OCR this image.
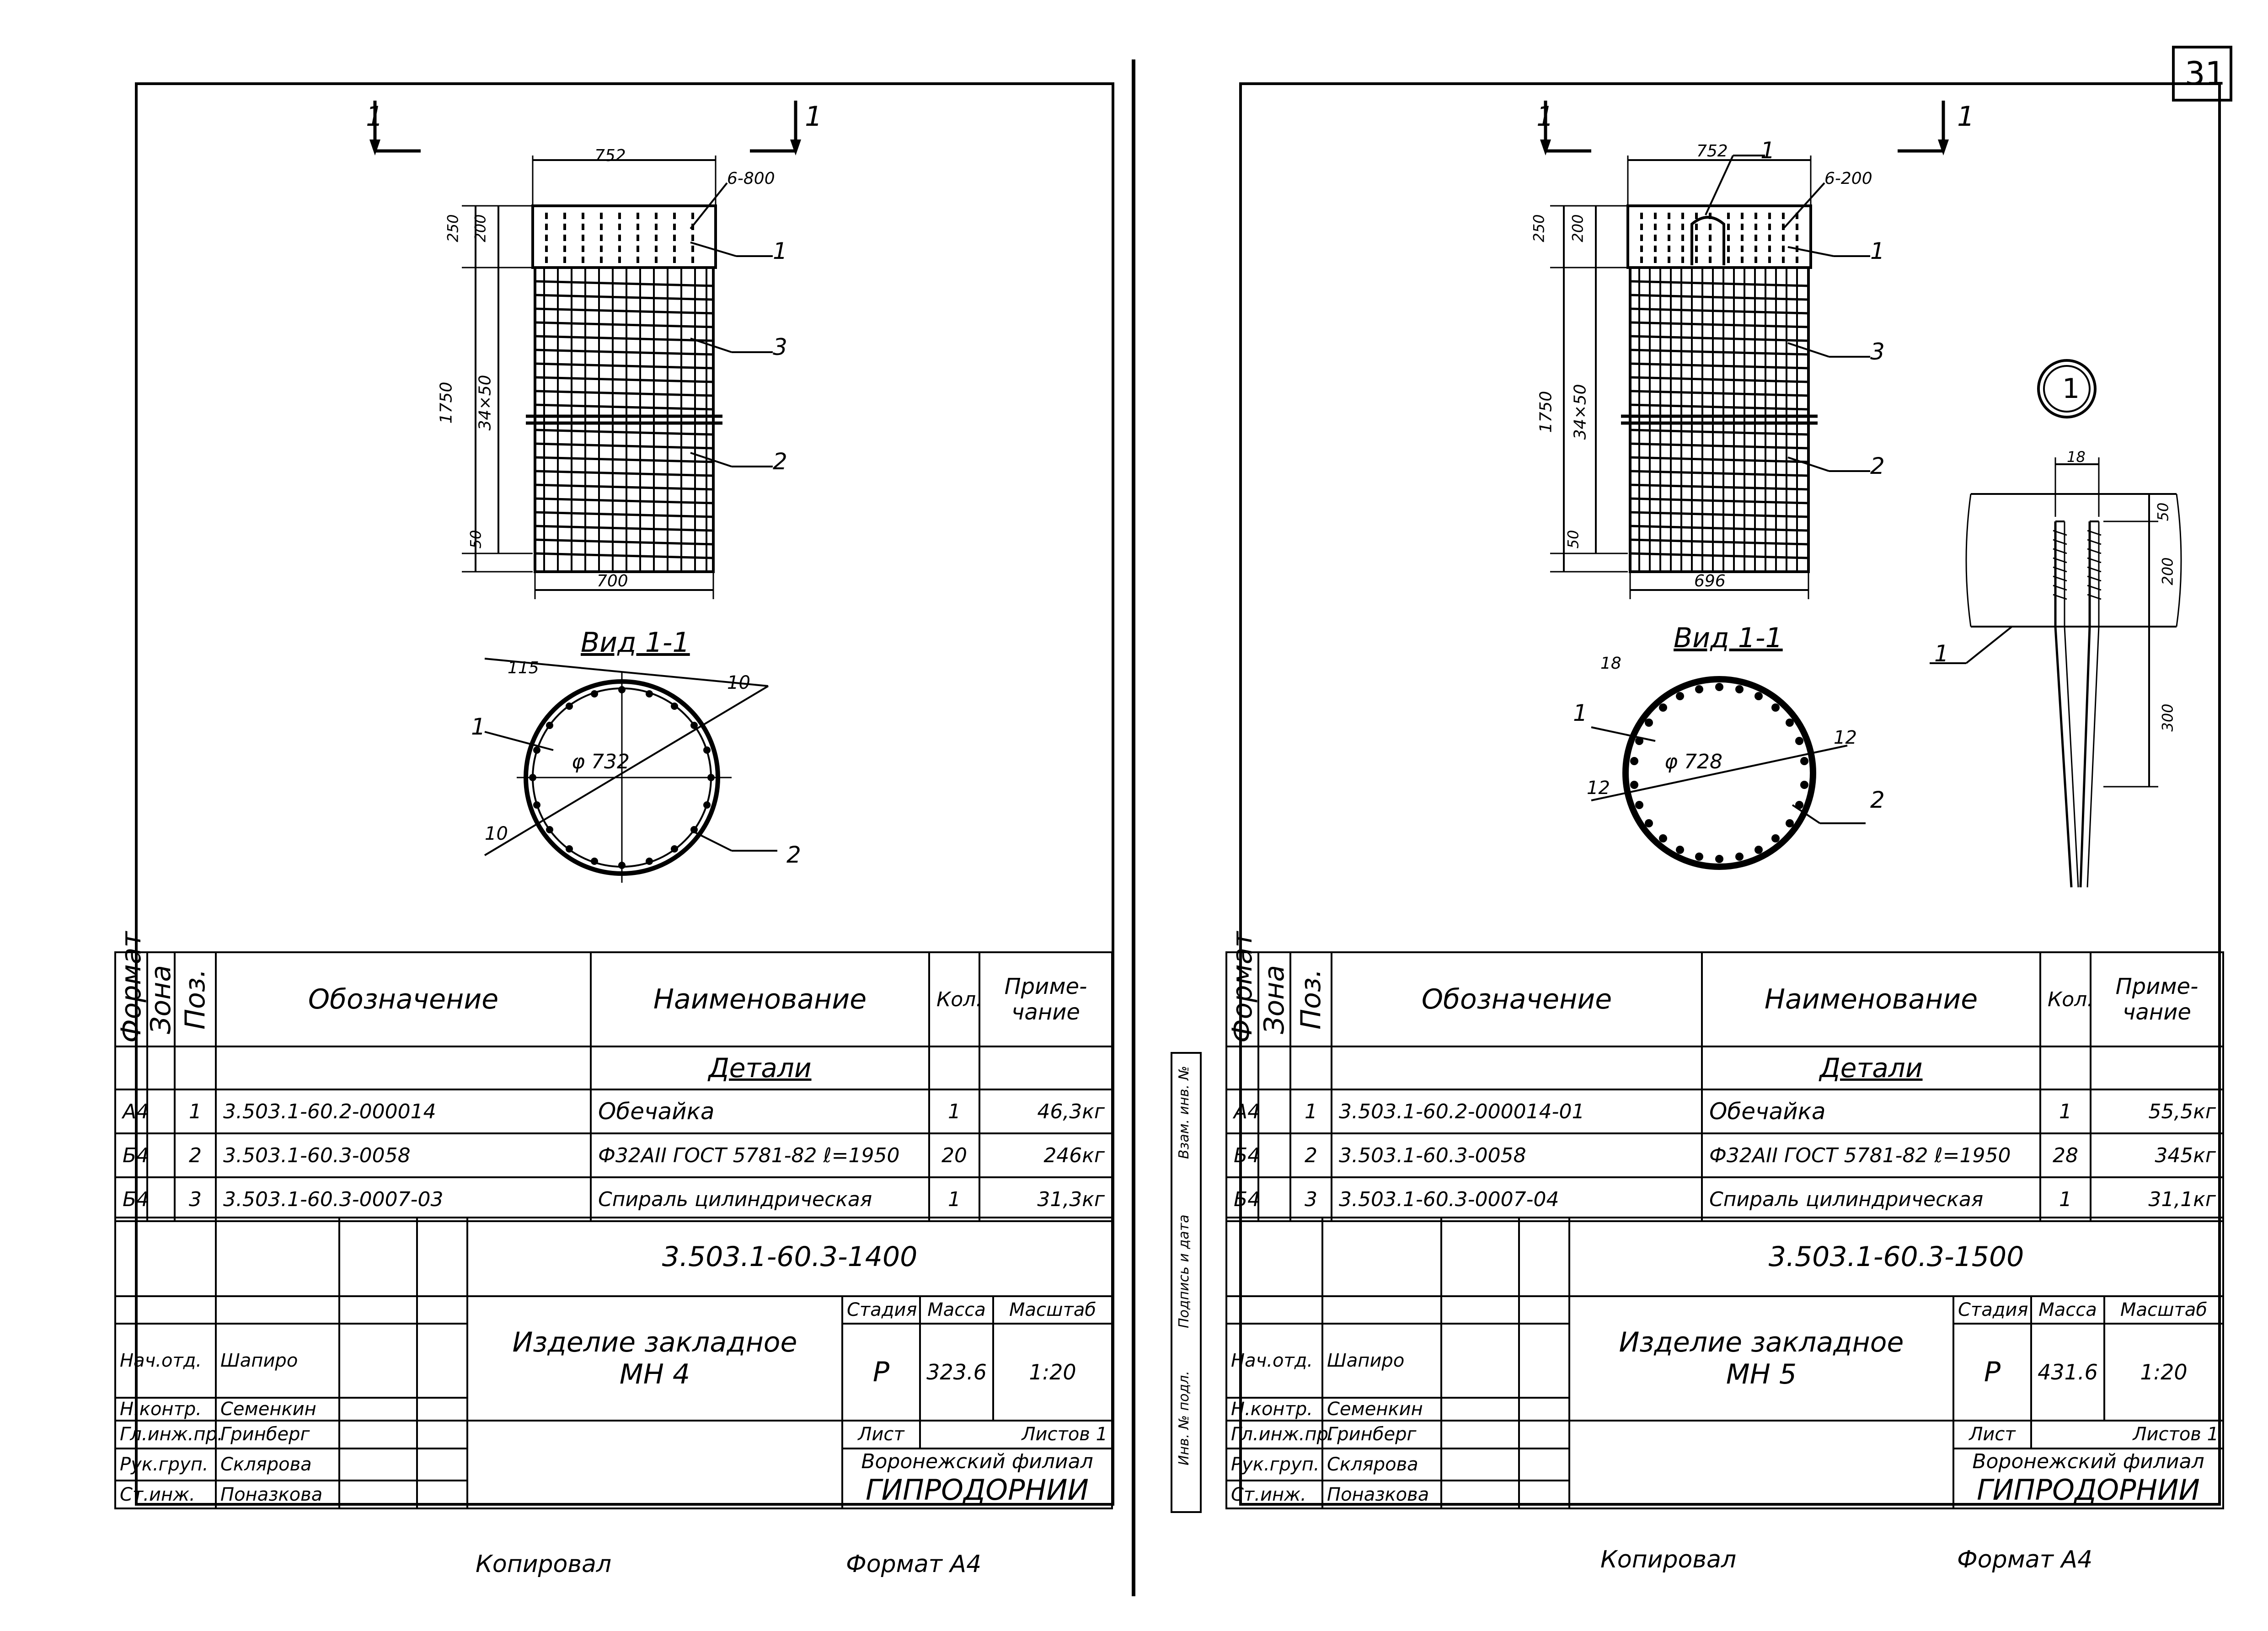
31
1	1
752
700
6-800
250 200
1750 34×50
50
1
3
2
Вид 1-1
115
φ 732
1
2
10
10
Формат	Зона	Поз.	Обозначение	Наименование	Кол.	Приме- чание
				Детали		
А4		1	3.503.1-60.2-000014	Обечайка	1	46,3кг
Б4		2	3.503.1-60.3-0058	Ф32АII ГОСТ 5781-82 ℓ=1950	20	246кг
Б4		3	3.503.1-60.3-0007-03	Спираль цилиндрическая	1	31,3кг
				3.503.1-60.3-1400			

				Изделие закладное
МН 4	Стадия	Масса	Масштаб
Нач.отд.	Шапиро				Р	323.6	1:20
Н.контр.	Семенкин						
Гл.инж.пр.	Гринберг				Лист	Листов 1	
Рук.груп.	Склярова				Воронежский филиал
ГИПРОДОРНИИ		

Ст.инж.	Поназкова						
Копировал	Формат А4
1	1
752
696
6-200
1
1
3
2
250 200
1750 34×50
50
Вид 1-1
18
φ 728
1
2
12
12
1
18
50
200
300
1
Инв. № подл.
Подпись и дата
Взам. инв. №
Формат	Зона	Поз.	Обозначение	Наименование	Кол.	Приме- чание
				Детали		
А4		1	3.503.1-60.2-000014-01	Обечайка	1	55,5кг
Б4		2	3.503.1-60.3-0058	Ф32АII ГОСТ 5781-82 ℓ=1950	28	345кг
Б4		3	3.503.1-60.3-0007-04	Спираль цилиндрическая	1	31,1кг
				3.503.1-60.3-1500			

				Изделие закладное
МН 5	Стадия	Масса	Масштаб
Нач.отд.	Шапиро				Р	431.6	1:20
Н.контр.	Семенкин						
Гл.инж.пр.	Гринберг				Лист	Листов 1	
Рук.груп.	Склярова				Воронежский филиал
ГИПРОДОРНИИ		

Ст.инж.	Поназкова						
Копировал	Формат А4
